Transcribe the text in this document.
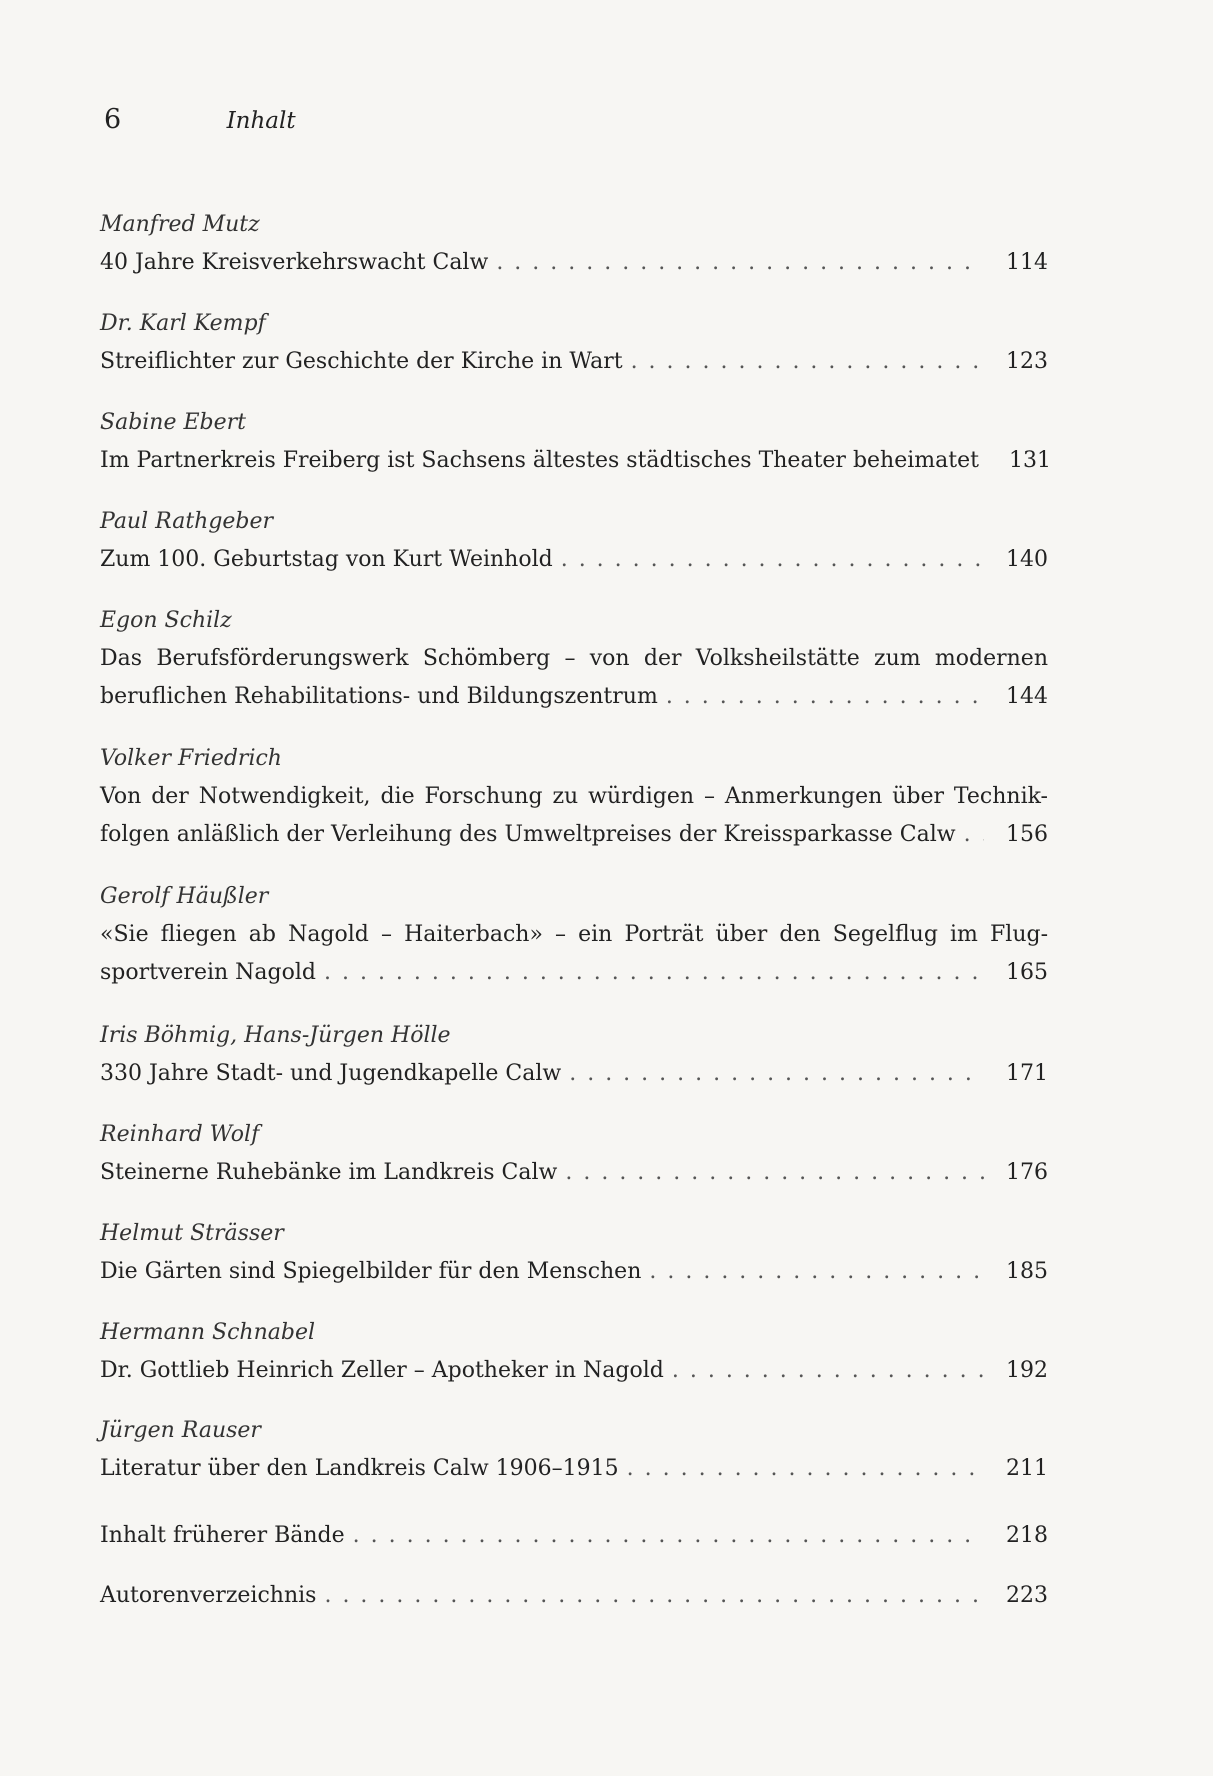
6	Inhalt
Manfred Mutz
40 Jahre Kreisverkehrswacht Calw . . .	114
Dr. Karl Kempf
Streiflichter zur Geschichte der Kirche in Wart . . .	123
Sabine Ebert
Im Partnerkreis Freiberg ist Sachsens ältestes städtisches Theater beheimatet	131
Paul Rathgeber
Zum 100. Geburtstag von Kurt Weinhold . . .	140
Egon Schilz
Das Berufsförderungswerk Schömberg – von der Volksheilstätte zum modernen
beruflichen Rehabilitations- und Bildungszentrum . . .	144
Volker Friedrich
Von der Notwendigkeit, die Forschung zu würdigen – Anmerkungen über Technik-
folgen anläßlich der Verleihung des Umweltpreises der Kreissparkasse Calw . . .	156
Gerolf Häußler
«Sie fliegen ab Nagold – Haiterbach» – ein Porträt über den Segelflug im Flug-
sportverein Nagold . . .	165
Iris Böhmig, Hans-Jürgen Hölle
330 Jahre Stadt- und Jugendkapelle Calw . . .	171
Reinhard Wolf
Steinerne Ruhebänke im Landkreis Calw . . .	176
Helmut Strässer
Die Gärten sind Spiegelbilder für den Menschen . . .	185
Hermann Schnabel
Dr. Gottlieb Heinrich Zeller – Apotheker in Nagold . . .	192
Jürgen Rauser
Literatur über den Landkreis Calw 1906–1915 . . .	211
Inhalt früherer Bände . . .	218
Autorenverzeichnis . . .	223
